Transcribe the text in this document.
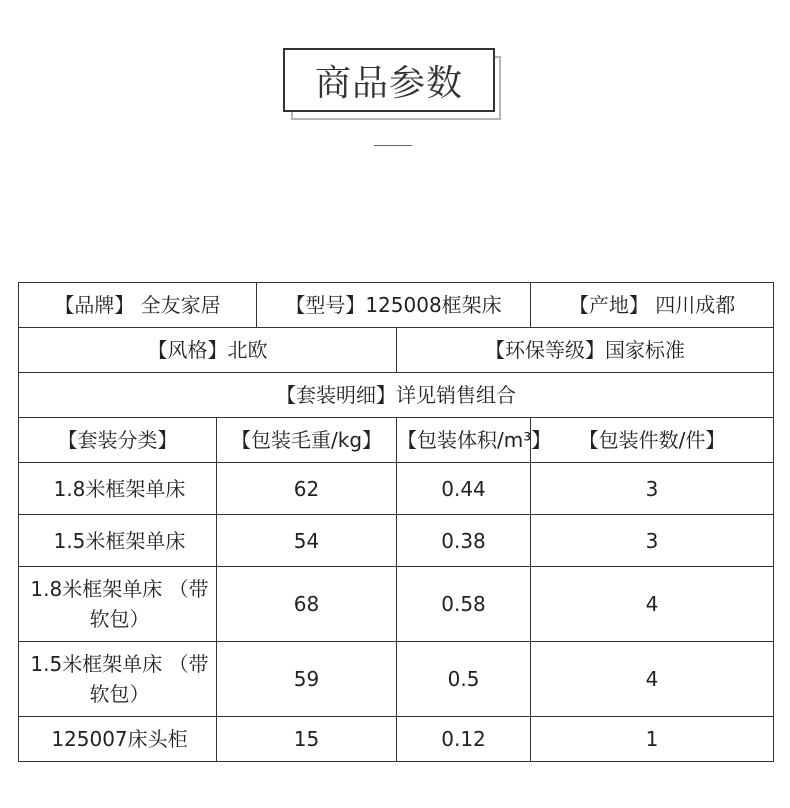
商品参数
【品牌】 全友家居		【型号】125008框架床		【产地】 四川成都
【风格】北欧			【环保等级】国家标准	
【套装明细】详见销售组合				
【套装分类】	【包装毛重/kg】		【包装体积/m³】	【包装件数/件】
1.8米框架单床	62		0.44	3
1.5米框架单床	54		0.38	3
1.8米框架单床 （带软包）	68		0.58	4
1.5米框架单床 （带软包）	59		0.5	4
125007床头柜	15		0.12	1
